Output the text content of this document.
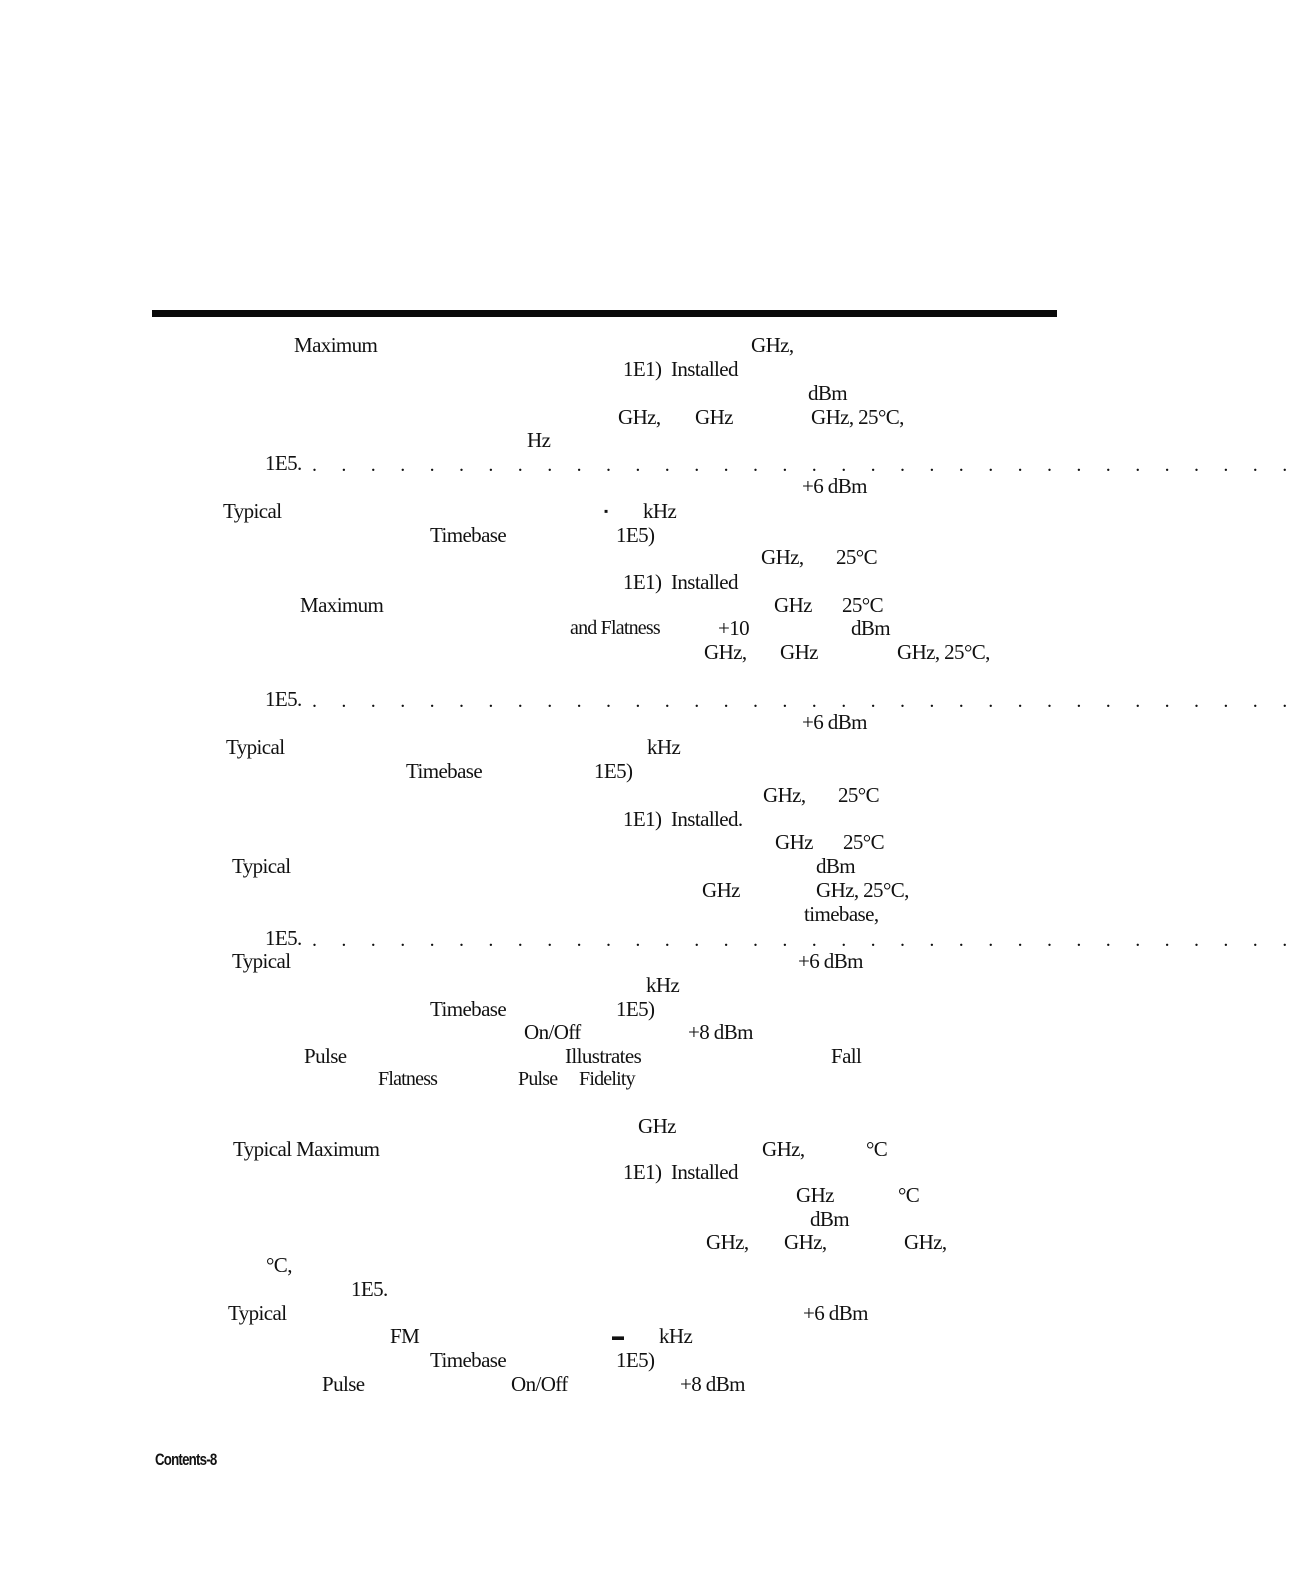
Maximum	GHz,
1E1) Installed
dBm
GHz, GHz	GHz, 25°C,
Hz
1E5. . . . . . . . . . . . . . . . . . . . . . . . . . . . . . . . . . .
+6 dBm
Typical	▪ kHz
Timebase	1E5)
GHz, 25°C
1E1) Installed
Maximum	GHz 25°C
and Flatness	+10	dBm
GHz, GHz	GHz, 25°C,
1E5. . . . . . . . . . . . . . . . . . . . . . . . . . . . . . . . . . .
+6 dBm
Typical	kHz
Timebase	1E5)
GHz, 25°C
1E1) Installed.
GHz 25°C
Typical	dBm
GHz	GHz, 25°C,
timebase,
1E5. . . . . . . . . . . . . . . . . . . . . . . . . . . . . . . . . . .
Typical	+6 dBm
kHz
Timebase	1E5)
On/Off	+8 dBm
Pulse	Illustrates	Fall
Flatness	Pulse Fidelity
GHz
Typical Maximum	GHz,	°C
1E1) Installed
GHz	°C
dBm
GHz, GHz,	GHz,
°C,
1E5.
Typical	+6 dBm
FM	▬ kHz
Timebase	1E5)
Pulse	On/Off	+8 dBm
Contents-8
